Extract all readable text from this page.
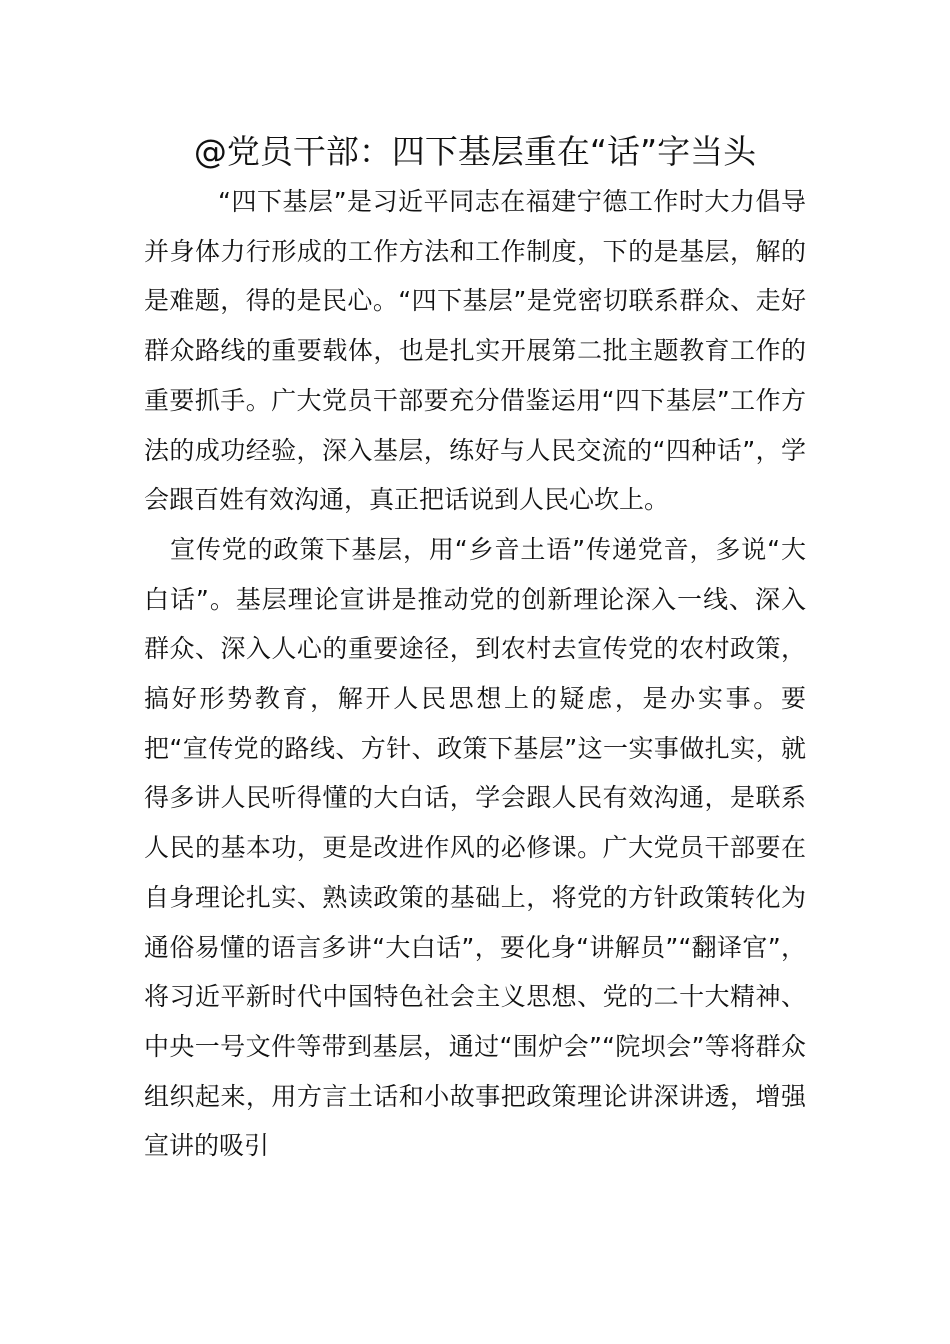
@党员干部：四下基层重在“话”字当头

“四下基层”是习近平同志在福建宁德工作时大力倡导并身体力行形成的工作方法和工作制度，下的是基层，解的是难题，得的是民心。“四下基层”是党密切联系群众、走好群众路线的重要载体，也是扎实开展第二批主题教育工作的重要抓手。广大党员干部要充分借鉴运用“四下基层”工作方法的成功经验，深入基层，练好与人民交流的“四种话”，学会跟百姓有效沟通，真正把话说到人民心坎上。

宣传党的政策下基层，用“乡音土语”传递党音，多说“大白话”。基层理论宣讲是推动党的创新理论深入一线、深入群众、深入人心的重要途径，到农村去宣传党的农村政策，搞好形势教育，解开人民思想上的疑虑，是办实事。要把“宣传党的路线、方针、政策下基层”这一实事做扎实，就得多讲人民听得懂的大白话，学会跟人民有效沟通，是联系人民的基本功，更是改进作风的必修课。广大党员干部要在自身理论扎实、熟读政策的基础上，将党的方针政策转化为通俗易懂的语言多讲“大白话”，要化身“讲解员”“翻译官”，将习近平新时代中国特色社会主义思想、党的二十大精神、中央一号文件等带到基层，通过“围炉会”“院坝会”等将群众组织起来，用方言土话和小故事把政策理论讲深讲透，增强宣讲的吸引
